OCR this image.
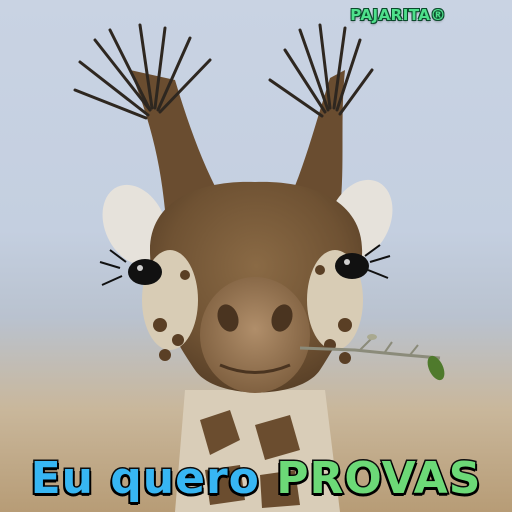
PAJARITA®
Eu quero PROVAS
